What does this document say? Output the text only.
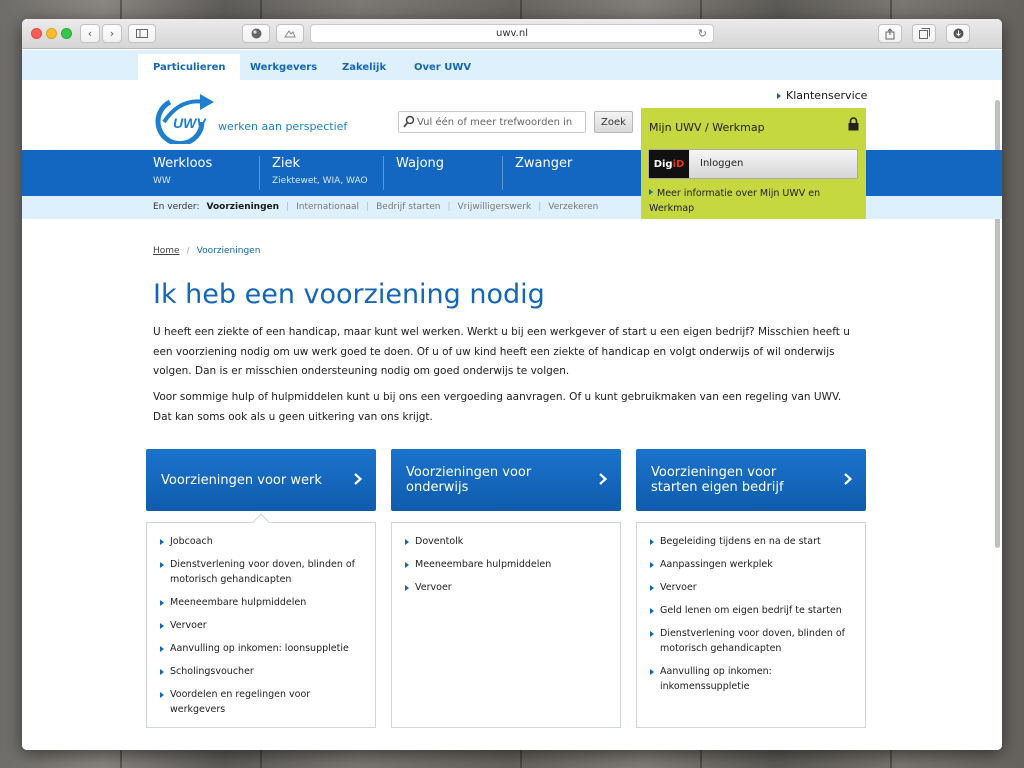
‹ ›	uwv.nl	↻
Particulieren	Werkgevers	Zakelijk	Over UWV
Klantenservice
UWV werken aan perspectief	Vul één of meer trefwoorden in	Zoek
Werkloos
WW
Ziek
Ziektewet, WIA, WAO
Wajong	Zwanger
En verder: Voorzieningen | Internationaal | Bedrijf starten | Vrijwilligerswerk | Verzekeren
Mijn UWV / Werkmap
Dig iD Inloggen
Meer informatie over Mijn UWV en Werkmap
Home / Voorzieningen
Ik heb een voorziening nodig

U heeft een ziekte of een handicap, maar kunt wel werken. Werkt u bij een werkgever of start u een eigen bedrijf? Misschien heeft u een voorziening nodig om uw werk goed te doen. Of u of uw kind heeft een ziekte of handicap en volgt onderwijs of wil onderwijs volgen. Dan is er misschien ondersteuning nodig om goed onderwijs te volgen.

Voor sommige hulp of hulpmiddelen kunt u bij ons een vergoeding aanvragen. Of u kunt gebruikmaken van een regeling van UWV. Dat kan soms ook als u geen uitkering van ons krijgt.

Voorzieningen voor werk
Jobcoach
Dienstverlening voor doven, blinden of motorisch gehandicapten
Meeneembare hulpmiddelen
Vervoer
Aanvulling op inkomen: loonsuppletie
Scholingsvoucher
Voordelen en regelingen voor werkgevers
Voorzieningen voor onderwijs
Doventolk
Meeneembare hulpmiddelen
Vervoer
Voorzieningen voor starten eigen bedrijf
Begeleiding tijdens en na de start
Aanpassingen werkplek
Vervoer
Geld lenen om eigen bedrijf te starten
Dienstverlening voor doven, blinden of motorisch gehandicapten
Aanvulling op inkomen: inkomenssuppletie
